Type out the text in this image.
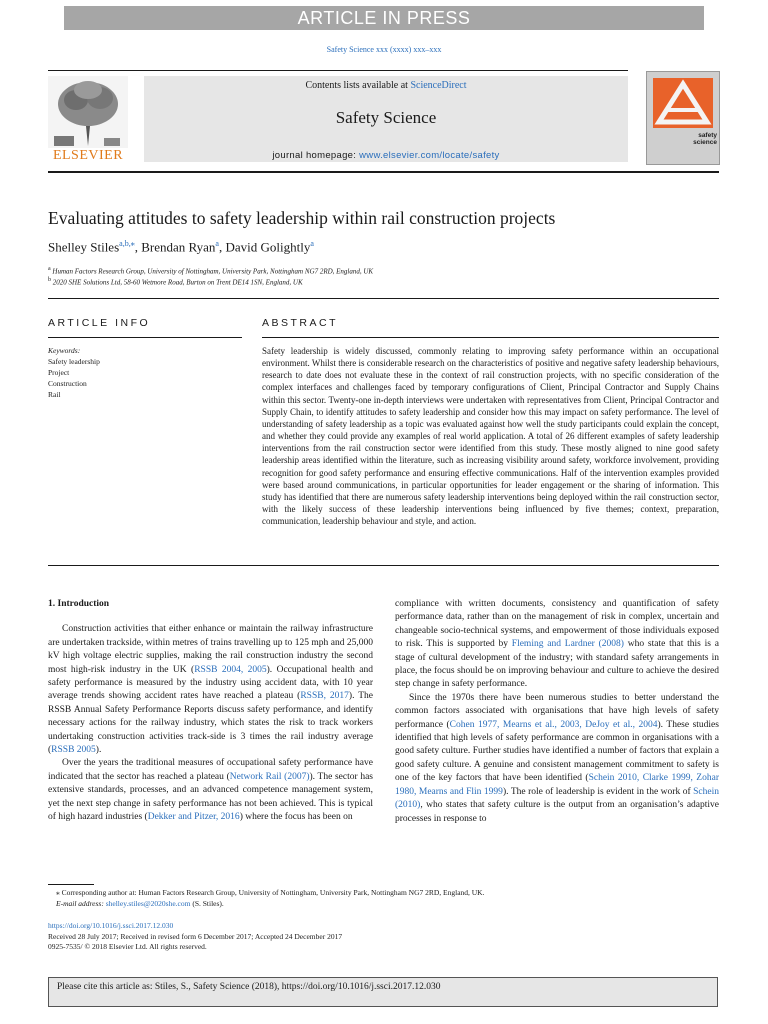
ARTICLE IN PRESS
Safety Science xxx (xxxx) xxx–xxx
ELSEVIER
Contents lists available at ScienceDirect
Safety Science
journal homepage: www.elsevier.com/locate/safety
safety science
Evaluating attitudes to safety leadership within rail construction projects
Shelley Stiles$^{a,b,⁎}$, Brendan Ryan$^a$, David Golightly$^a$
$^a$ Human Factors Research Group, University of Nottingham, University Park, Nottingham NG7 2RD, England, UK
$^b$ 2020 SHE Solutions Ltd, 58-60 Wetmore Road, Burton on Trent DE14 1SN, England, UK
ARTICLE INFO	ABSTRACT
Keywords:
Safety leadership
Project
Construction
Rail

Safety leadership is widely discussed, commonly relating to improving safety performance within an occupational environment. Whilst there is considerable research on the characteristics of positive and negative safety leadership behaviours, research to date does not evaluate these in the context of rail construction projects, with no specific consideration of the complex interfaces and challenges faced by temporary configurations of Client, Principal Contractor and Supply Chains within this sector. Twenty-one in-depth interviews were undertaken with representatives from Client, Principal Contractor and Supply Chain, to identify attitudes to safety leadership and consider how this may impact on safety performance. The level of understanding of safety leadership as a topic was evaluated against how well the study participants could explain the concept, and whether they could provide any examples of real world application. A total of 26 different examples of safety leadership interventions from the rail construction sector were identified from this study. These mostly aligned to nine good safety leadership areas identified within the literature, such as increasing visibility around safety, workforce involvement, providing recognition for good safety performance and ensuring effective communications. Half of the intervention examples provided were based around communications, in particular opportunities for leader engagement or the sharing of information. This study has identified that there are numerous safety leadership interventions being deployed within the rail construction sector, with the likely success of these leadership interventions being influenced by five themes; context, preparation, communication, leadership behaviour and style, and action.

1. Introduction

Construction activities that either enhance or maintain the railway infrastructure are undertaken trackside, within metres of trains travelling up to 125 mph and 25,000 kV high voltage electric supplies, making the rail construction industry the second most high-risk industry in the UK (RSSB 2004, 2005). Occupational health and safety performance is measured by the industry using accident data, with 10 year average trends showing accident rates have reached a plateau (RSSB, 2017). The RSSB Annual Safety Performance Reports discuss safety performance, and identify necessary actions for the railway industry, which states the risk to track workers undertaking construction activities track-side is 3 times the rail industry average (RSSB 2005).

Over the years the traditional measures of occupational safety performance have indicated that the sector has reached a plateau (Network Rail (2007)). The sector has extensive standards, processes, and an advanced competence management system, yet the next step change in safety performance has not been achieved. This is typical of high hazard industries (Dekker and Pitzer, 2016) where the focus has been on

compliance with written documents, consistency and quantification of safety performance data, rather than on the management of risk in complex, uncertain and changeable socio-technical systems, and empowerment of those individuals exposed to risk. This is supported by Fleming and Lardner (2008) who state that this is a stage of cultural development of the industry; with standard safety arrangements in place, the focus should be on improving behaviour and culture to achieve the desired step change in safety performance.

Since the 1970s there have been numerous studies to better understand the common factors associated with organisations that have high levels of safety performance (Cohen 1977, Mearns et al., 2003, DeJoy et al., 2004). These studies identified that high levels of safety performance are common in organisations with a good safety culture. Further studies have identified a number of factors that explain a good safety culture. A genuine and consistent management commitment to safety is one of the key factors that have been identified (Schein 2010, Clarke 1999, Zohar 1980, Mearns and Flin 1999). The role of leadership is evident in the work of Schein (2010), who states that safety culture is the output from an organisation’s adaptive processes in response to

⁎ Corresponding author at: Human Factors Research Group, University of Nottingham, University Park, Nottingham NG7 2RD, England, UK.
E-mail address: shelley.stiles@2020she.com (S. Stiles).
https://doi.org/10.1016/j.ssci.2017.12.030
Received 28 July 2017; Received in revised form 6 December 2017; Accepted 24 December 2017
0925-7535/ © 2018 Elsevier Ltd. All rights reserved.
Please cite this article as: Stiles, S., Safety Science (2018), https://doi.org/10.1016/j.ssci.2017.12.030
